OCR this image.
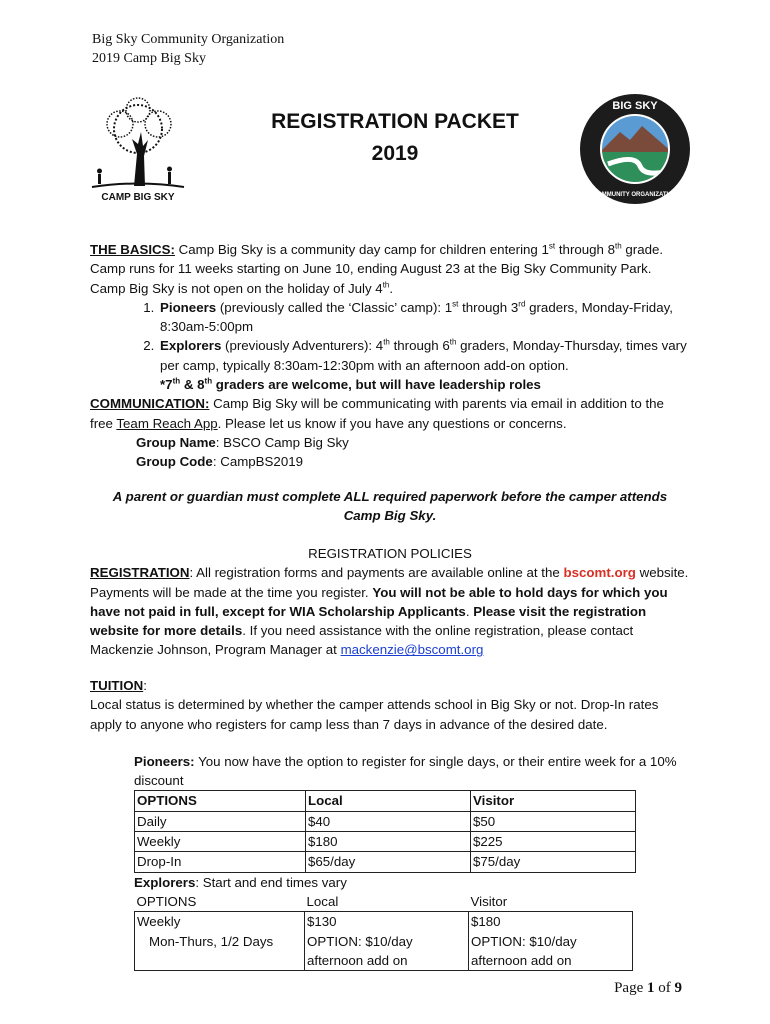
Big Sky Community Organization
2019 Camp Big Sky
CAMP BIG SKY
BIG SKY
COMMUNITY ORGANIZATION
REGISTRATION PACKET
2019
THE BASICS: Camp Big Sky is a community day camp for children entering 1st through 8th grade. Camp runs for 11 weeks starting on June 10, ending August 23 at the Big Sky Community Park. Camp Big Sky is not open on the holiday of July 4th.
1. Pioneers (previously called the ‘Classic’ camp): 1st through 3rd graders, Monday-Friday, 8:30am-5:00pm
2. Explorers (previously Adventurers): 4th through 6th graders, Monday-Thursday, times vary per camp, typically 8:30am-12:30pm with an afternoon add-on option.
*7th & 8th graders are welcome, but will have leadership roles
COMMUNICATION: Camp Big Sky will be communicating with parents via email in addition to the free Team Reach App. Please let us know if you have any questions or concerns.
Group Name: BSCO Camp Big Sky
Group Code: CampBS2019
A parent or guardian must complete ALL required paperwork before the camper attends Camp Big Sky.
REGISTRATION POLICIES
REGISTRATION: All registration forms and payments are available online at the bscomt.org website. Payments will be made at the time you register. You will not be able to hold days for which you have not paid in full, except for WIA Scholarship Applicants. Please visit the registration website for more details. If you need assistance with the online registration, please contact Mackenzie Johnson, Program Manager at mackenzie@bscomt.org
TUITION:
Local status is determined by whether the camper attends school in Big Sky or not. Drop-In rates apply to anyone who registers for camp less than 7 days in advance of the desired date.
Pioneers: You now have the option to register for single days, or their entire week for a 10% discount
OPTIONS	Local	Visitor
Daily	$40	$50
Weekly	$180	$225
Drop-In	$65/day	$75/day
Explorers: Start and end times vary
OPTIONS	Local	Visitor
Weekly	$130	$180
Mon-Thurs, 1/2 Days	OPTION: $10/day afternoon add on	OPTION: $10/day afternoon add on
Page 1 of 9
